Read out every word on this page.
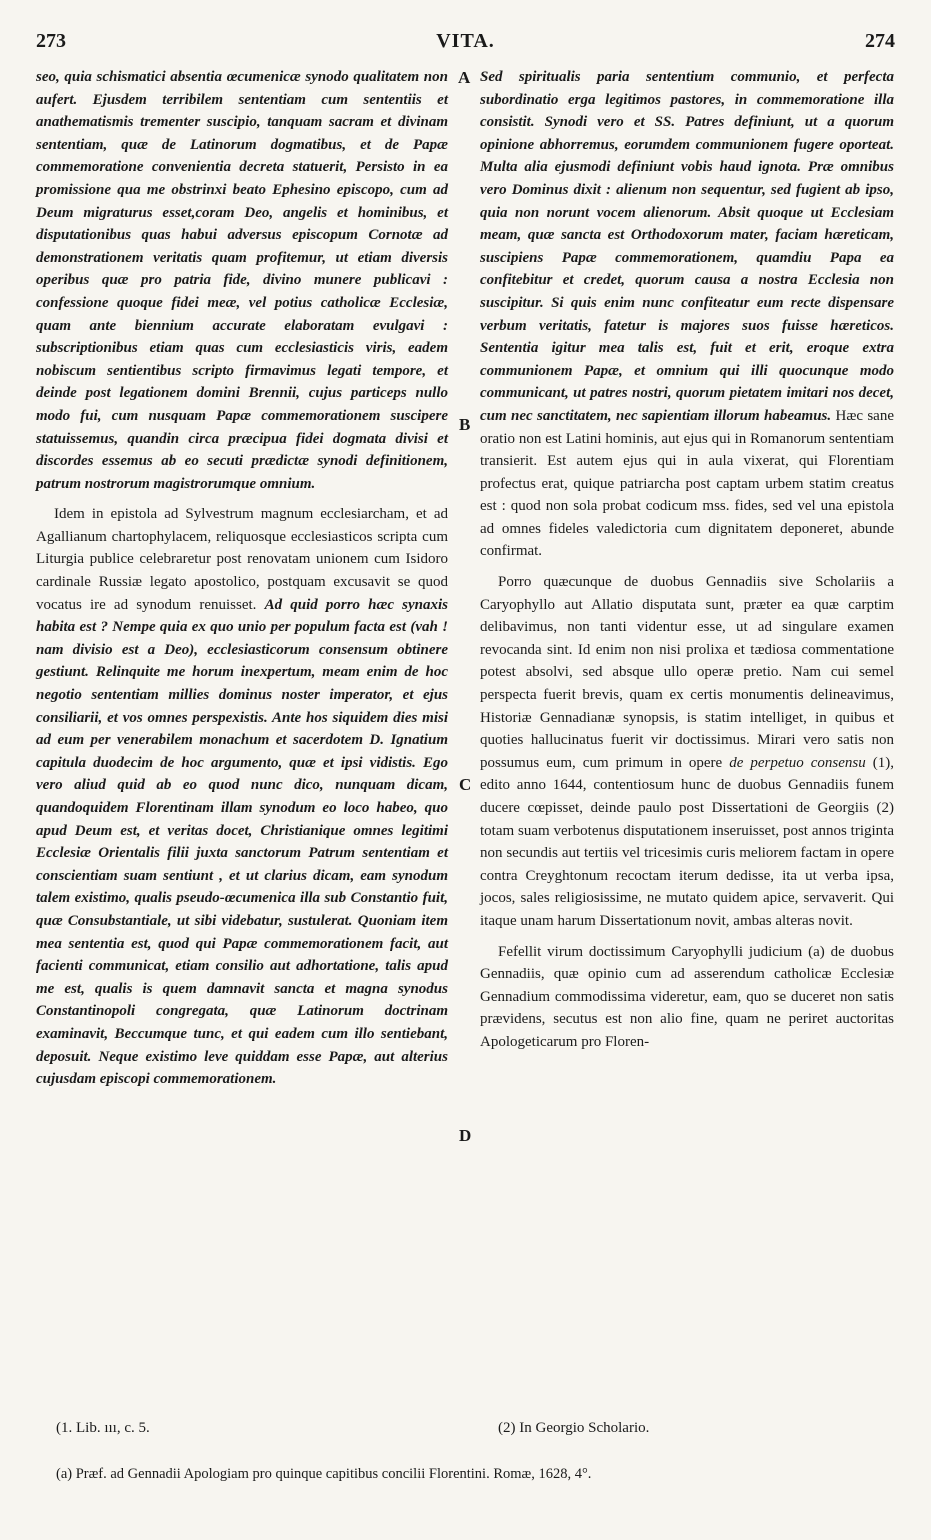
273	VITA.	274

seo, quia schismatici absentia œcumenicæ synodo qualitatem non aufert. Ejusdem terribilem sententiam cum sententiis et anathematismis trementer suscipio, tanquam sacram et divinam sententiam, quæ de Latinorum dogmatibus, et de Papæ commemoratione convenientia decreta statuerit, Persisto in ea promissione qua me obstrinxi beato Ephesino episcopo, cum ad Deum migraturus esset,coram Deo, angelis et hominibus, et disputationibus quas habui adversus episcopum Cornotæ ad demonstrationem veritatis quam profitemur, ut etiam diversis operibus quæ pro patria fide, divino munere publicavi : confessione quoque fidei meæ, vel potius catholicæ Ecclesiæ, quam ante biennium accurate elaboratam evulgavi : subscriptionibus etiam quas cum ecclesiasticis viris, eadem nobiscum sentientibus scripto firmavimus legati tempore, et deinde post legationem domini Brennii, cujus particeps nullo modo fui, cum nusquam Papæ commemorationem suscipere statuissemus, quandin circa præcipua fidei dogmata divisi et discordes essemus ab eo secuti prædictæ synodi definitionem, patrum nostrorum magistrorumque omnium.

Idem in epistola ad Sylvestrum magnum ecclesiarcham, et ad Agallianum chartophylacem, reliquosque ecclesiasticos scripta cum Liturgia publice celebraretur post renovatam unionem cum Isidoro cardinale Russiæ legato apostolico, postquam excusavit se quod vocatus ire ad synodum renuisset. Ad quid porro hæc synaxis habita est ? Nempe quia ex quo unio per populum facta est (vah ! nam divisio est a Deo), ecclesiasticorum consensum obtinere gestiunt. Relinquite me horum inexpertum, meam enim de hoc negotio sententiam millies dominus noster imperator, et ejus consiliarii, et vos omnes perspexistis. Ante hos siquidem dies misi ad eum per venerabilem monachum et sacerdotem D. Ignatium capitula duodecim de hoc argumento, quæ et ipsi vidistis. Ego vero aliud quid ab eo quod nunc dico, nunquam dicam, quandoquidem Florentinam illam synodum eo loco habeo, quo apud Deum est, et veritas docet, Christianique omnes legitimi Ecclesiæ Orientalis filii juxta sanctorum Patrum sententiam et conscientiam suam sentiunt , et ut clarius dicam, eam synodum talem existimo, qualis pseudo-œcumenica illa sub Constantio fuit, quæ Consubstantiale, ut sibi videbatur, sustulerat. Quoniam item mea sententia est, quod qui Papæ commemorationem facit, aut facienti communicat, etiam consilio aut adhortatione, talis apud me est, qualis is quem damnavit sancta et magna synodus Constantinopoli congregata, quæ Latinorum doctrinam examinavit, Beccumque tunc, et qui eadem cum illo sentiebant, deposuit. Neque existimo leve quiddam esse Papæ, aut alterius cujusdam episcopi commemorationem.

Sed spiritualis paria sententium communio, et perfecta subordinatio erga legitimos pastores, in commemoratione illa consistit. Synodi vero et SS. Patres definiunt, ut a quorum opinione abhorremus, eorumdem communionem fugere oporteat. Multa alia ejusmodi definiunt vobis haud ignota. Præ omnibus vero Dominus dixit : alienum non sequentur, sed fugient ab ipso, quia non norunt vocem alienorum. Absit quoque ut Ecclesiam meam, quæ sancta est Orthodoxorum mater, faciam hæreticam, suscipiens Papæ commemorationem, quamdiu Papa ea confitebitur et credet, quorum causa a nostra Ecclesia non suscipitur. Si quis enim nunc confiteatur eum recte dispensare verbum veritatis, fatetur is majores suos fuisse hæreticos. Sententia igitur mea talis est, fuit et erit, eroque extra communionem Papæ, et omnium qui illi quocunque modo communicant, ut patres nostri, quorum pietatem imitari nos decet, cum nec sanctitatem, nec sapientiam illorum habeamus. Hæc sane oratio non est Latini hominis, aut ejus qui in Romanorum sententiam transierit. Est autem ejus qui in aula vixerat, qui Florentiam profectus erat, quique patriarcha post captam urbem statim creatus est : quod non sola probat codicum mss. fides, sed vel una epistola ad omnes fideles valedictoria cum dignitatem deponeret, abunde confirmat.

Porro quæcunque de duobus Gennadiis sive Scholariis a Caryophyllo aut Allatio disputata sunt, præter ea quæ carptim delibavimus, non tanti videntur esse, ut ad singulare examen revocanda sint. Id enim non nisi prolixa et tædiosa commentatione potest absolvi, sed absque ullo operæ pretio. Nam cui semel perspecta fuerit brevis, quam ex certis monumentis delineavimus, Historiæ Gennadianæ synopsis, is statim intelliget, in quibus et quoties hallucinatus fuerit vir doctissimus. Mirari vero satis non possumus eum, cum primum in opere de perpetuo consensu (1), edito anno 1644, contentiosum hunc de duobus Gennadiis funem ducere cœpisset, deinde paulo post Dissertationi de Georgiis (2) totam suam verbotenus disputationem inseruisset, post annos triginta non secundis aut tertiis vel tricesimis curis meliorem factam in opere contra Creyghtonum recoctam iterum dedisse, ita ut verba ipsa, jocos, sales religiosissime, ne mutato quidem apice, servaverit. Qui itaque unam harum Dissertationum novit, ambas alteras novit.

Fefellit virum doctissimum Caryophylli judicium (a) de duobus Gennadiis, quæ opinio cum ad asserendum catholicæ Ecclesiæ Gennadium commodissima videretur, eam, quo se duceret non satis prævidens, secutus est non alio fine, quam ne periret auctoritas Apologeticarum pro Floren-

A
B
C
D
(1. Lib. ııı, c. 5.	(2) In Georgio Scholario.
(a) Præf. ad Gennadii Apologiam pro quinque capitibus concilii Florentini. Romæ, 1628, 4°.
